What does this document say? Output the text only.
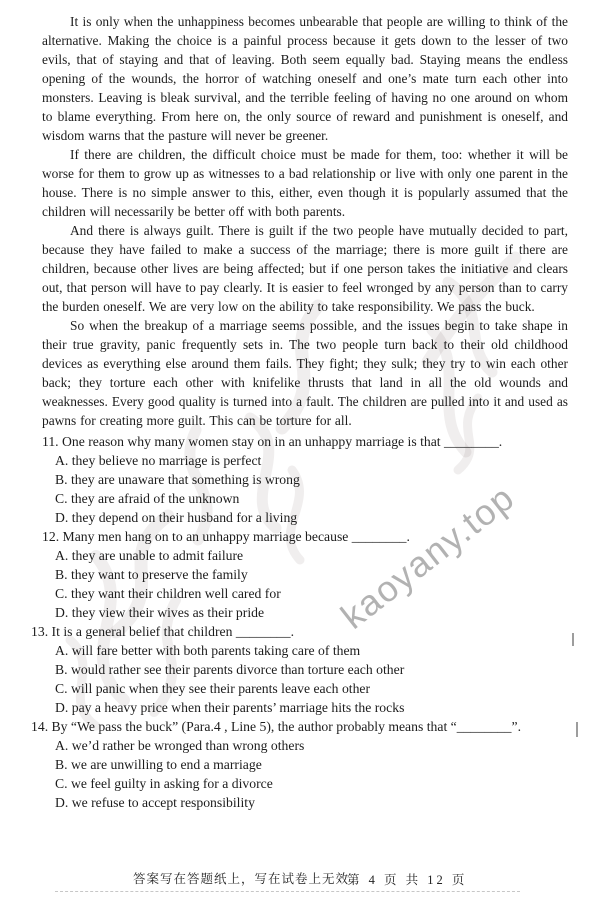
kaoyany.top

It is only when the unhappiness becomes unbearable that people are willing to think of the alternative. Making the choice is a painful process because it gets down to the lesser of two evils, that of staying and that of leaving. Both seem equally bad. Staying means the endless opening of the wounds, the horror of watching oneself and one’s mate turn each other into monsters. Leaving is bleak survival, and the terrible feeling of having no one around on whom to blame everything. From here on, the only source of reward and punishment is oneself, and wisdom warns that the pasture will never be greener.

If there are children, the difficult choice must be made for them, too: whether it will be worse for them to grow up as witnesses to a bad relationship or live with only one parent in the house. There is no simple answer to this, either, even though it is popularly assumed that the children will necessarily be better off with both parents.

And there is always guilt. There is guilt if the two people have mutually decided to part, because they have failed to make a success of the marriage; there is more guilt if there are children, because other lives are being affected; but if one person takes the initiative and clears out, that person will have to pay clearly. It is easier to feel wronged by any person than to carry the burden oneself. We are very low on the ability to take responsibility. We pass the buck.

So when the breakup of a marriage seems possible, and the issues begin to take shape in their true gravity, panic frequently sets in. The two people turn back to their old childhood devices as everything else around them fails. They fight; they sulk; they try to win each other back; they torture each other with knifelike thrusts that land in all the old wounds and weaknesses. Every good quality is turned into a fault. The children are pulled into it and used as pawns for creating more guilt. This can be torture for all.

11. One reason why many women stay on in an unhappy marriage is that ________.
A. they believe no marriage is perfect
B. they are unaware that something is wrong
C. they are afraid of the unknown
D. they depend on their husband for a living
12. Many men hang on to an unhappy marriage because ________.
A. they are unable to admit failure
B. they want to preserve the family
C. they want their children well cared for
D. they view their wives as their pride
13. It is a general belief that children ________.
A. will fare better with both parents taking care of them
B. would rather see their parents divorce than torture each other
C. will panic when they see their parents leave each other
D. pay a heavy price when their parents’ marriage hits the rocks
14. By “We pass the buck” (Para.4 , Line 5), the author probably means that “________”.
A. we’d rather be wronged than wrong others
B. we are unwilling to end a marriage
C. we feel guilty in asking for a divorce
D. we refuse to accept responsibility
答案写在答题纸上，写在试卷上无效
第 4 页 共 12 页
